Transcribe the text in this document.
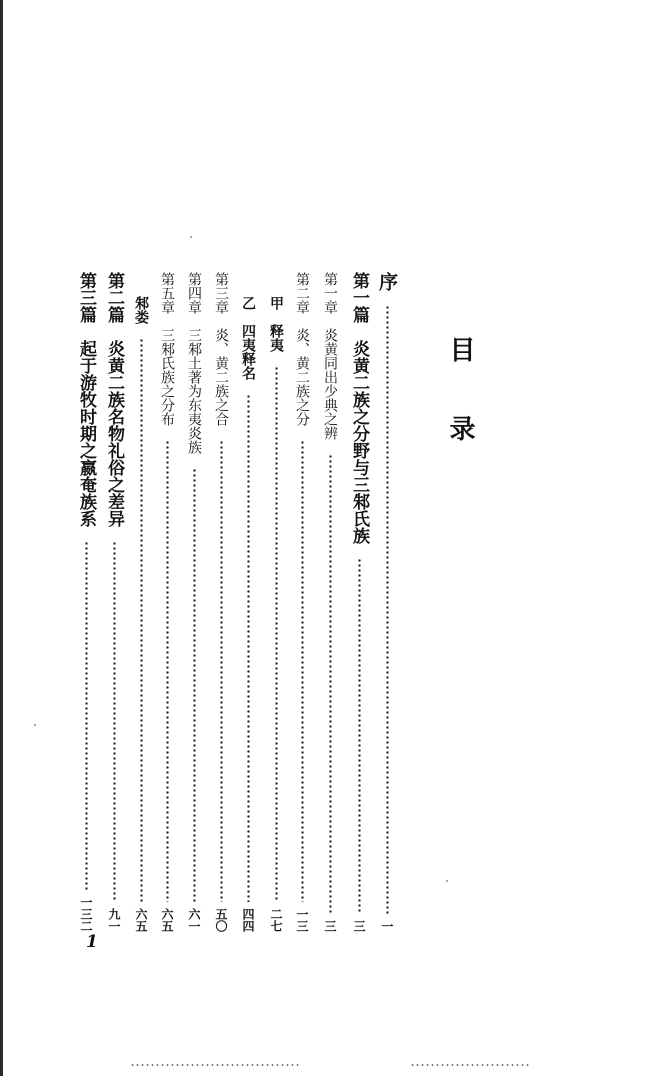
目 录
序
一
第一篇　炎黄二族之分野与三邾氏族
三
第一章　炎黄同出少典之辨
三
第二章　炎、黄二族之分
一三
甲　释夷
二七
乙　四夷释名
四四
第三章　炎、黄二族之合
五〇
第四章　三邾土著为东夷炎族
六一
第五章　三邾氏族之分布
六五
邾娄
六五
第二篇　炎黄二族名物礼俗之差异
九一
第三篇　起于游牧时期之嬴奄族系
一三二
1
